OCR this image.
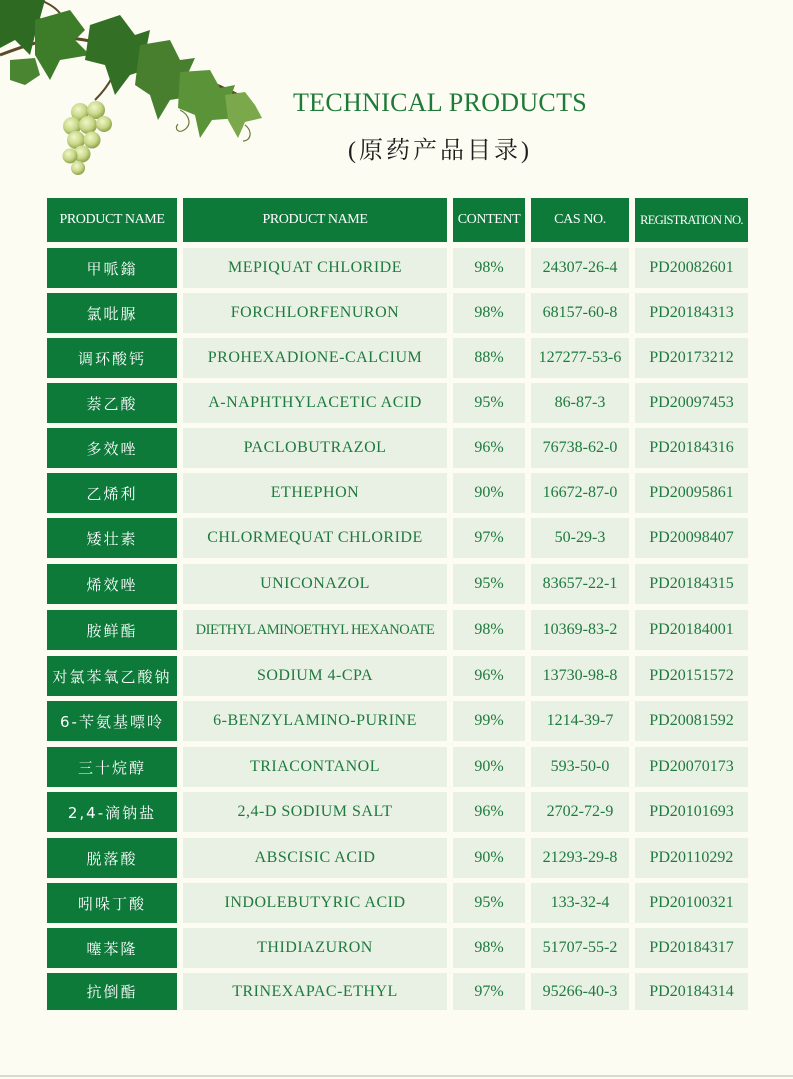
TECHNICAL PRODUCTS
(原药产品目录)
PRODUCT NAME	PRODUCT NAME	CONTENT	CAS NO.	REGISTRATION NO.
甲哌鎓	MEPIQUAT CHLORIDE	98%	24307-26-4	PD20082601
氯吡脲	FORCHLORFENURON	98%	68157-60-8	PD20184313
调环酸钙	PROHEXADIONE-CALCIUM	88%	127277-53-6	PD20173212
萘乙酸	A-NAPHTHYLACETIC ACID	95%	86-87-3	PD20097453
多效唑	PACLOBUTRAZOL	96%	76738-62-0	PD20184316
乙烯利	ETHEPHON	90%	16672-87-0	PD20095861
矮壮素	CHLORMEQUAT CHLORIDE	97%	50-29-3	PD20098407
烯效唑	UNICONAZOL	95%	83657-22-1	PD20184315
胺鲜酯	DIETHYL AMINOETHYL HEXANOATE	98%	10369-83-2	PD20184001
对氯苯氧乙酸钠	SODIUM 4-CPA	96%	13730-98-8	PD20151572
6-苄氨基嘌呤	6-BENZYLAMINO-PURINE	99%	1214-39-7	PD20081592
三十烷醇	TRIACONTANOL	90%	593-50-0	PD20070173
2,4-滴钠盐	2,4-D SODIUM SALT	96%	2702-72-9	PD20101693
脱落酸	ABSCISIC ACID	90%	21293-29-8	PD20110292
吲哚丁酸	INDOLEBUTYRIC ACID	95%	133-32-4	PD20100321
噻苯隆	THIDIAZURON	98%	51707-55-2	PD20184317
抗倒酯	TRINEXAPAC-ETHYL	97%	95266-40-3	PD20184314
